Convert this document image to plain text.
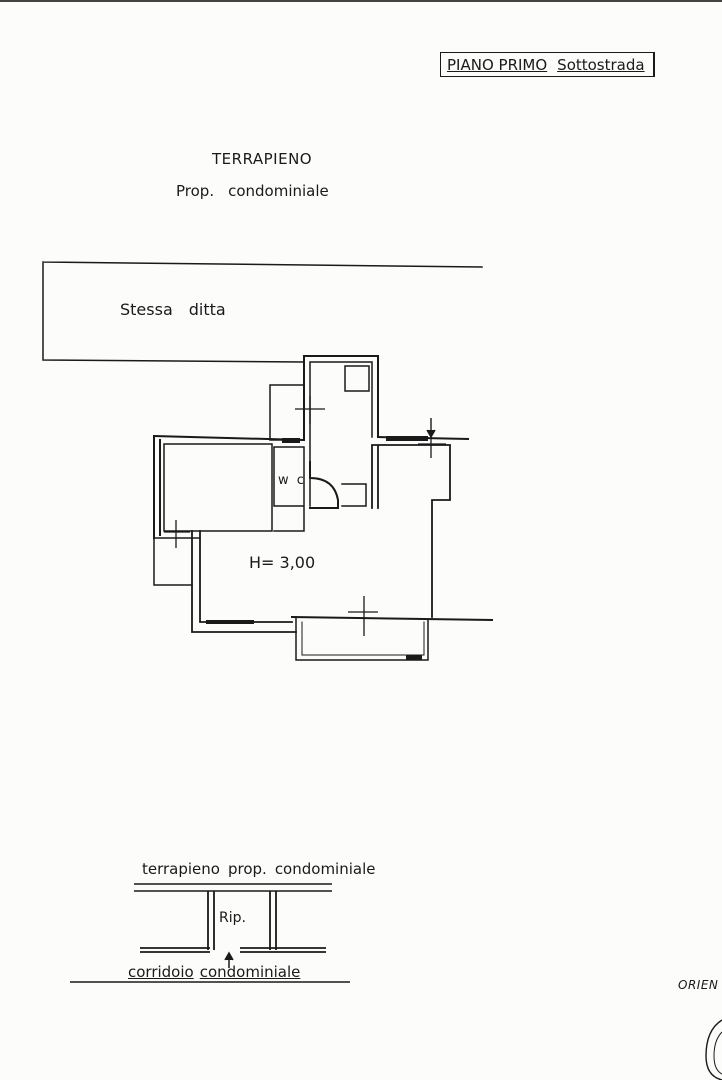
PIANO PRIMO Sottostrada
TERRAPIENO
Prop. condominiale
Stessa ditta
w c
H= 3,00
terrapieno prop. condominiale
Rip.
corridoio condominiale
ORIEN
